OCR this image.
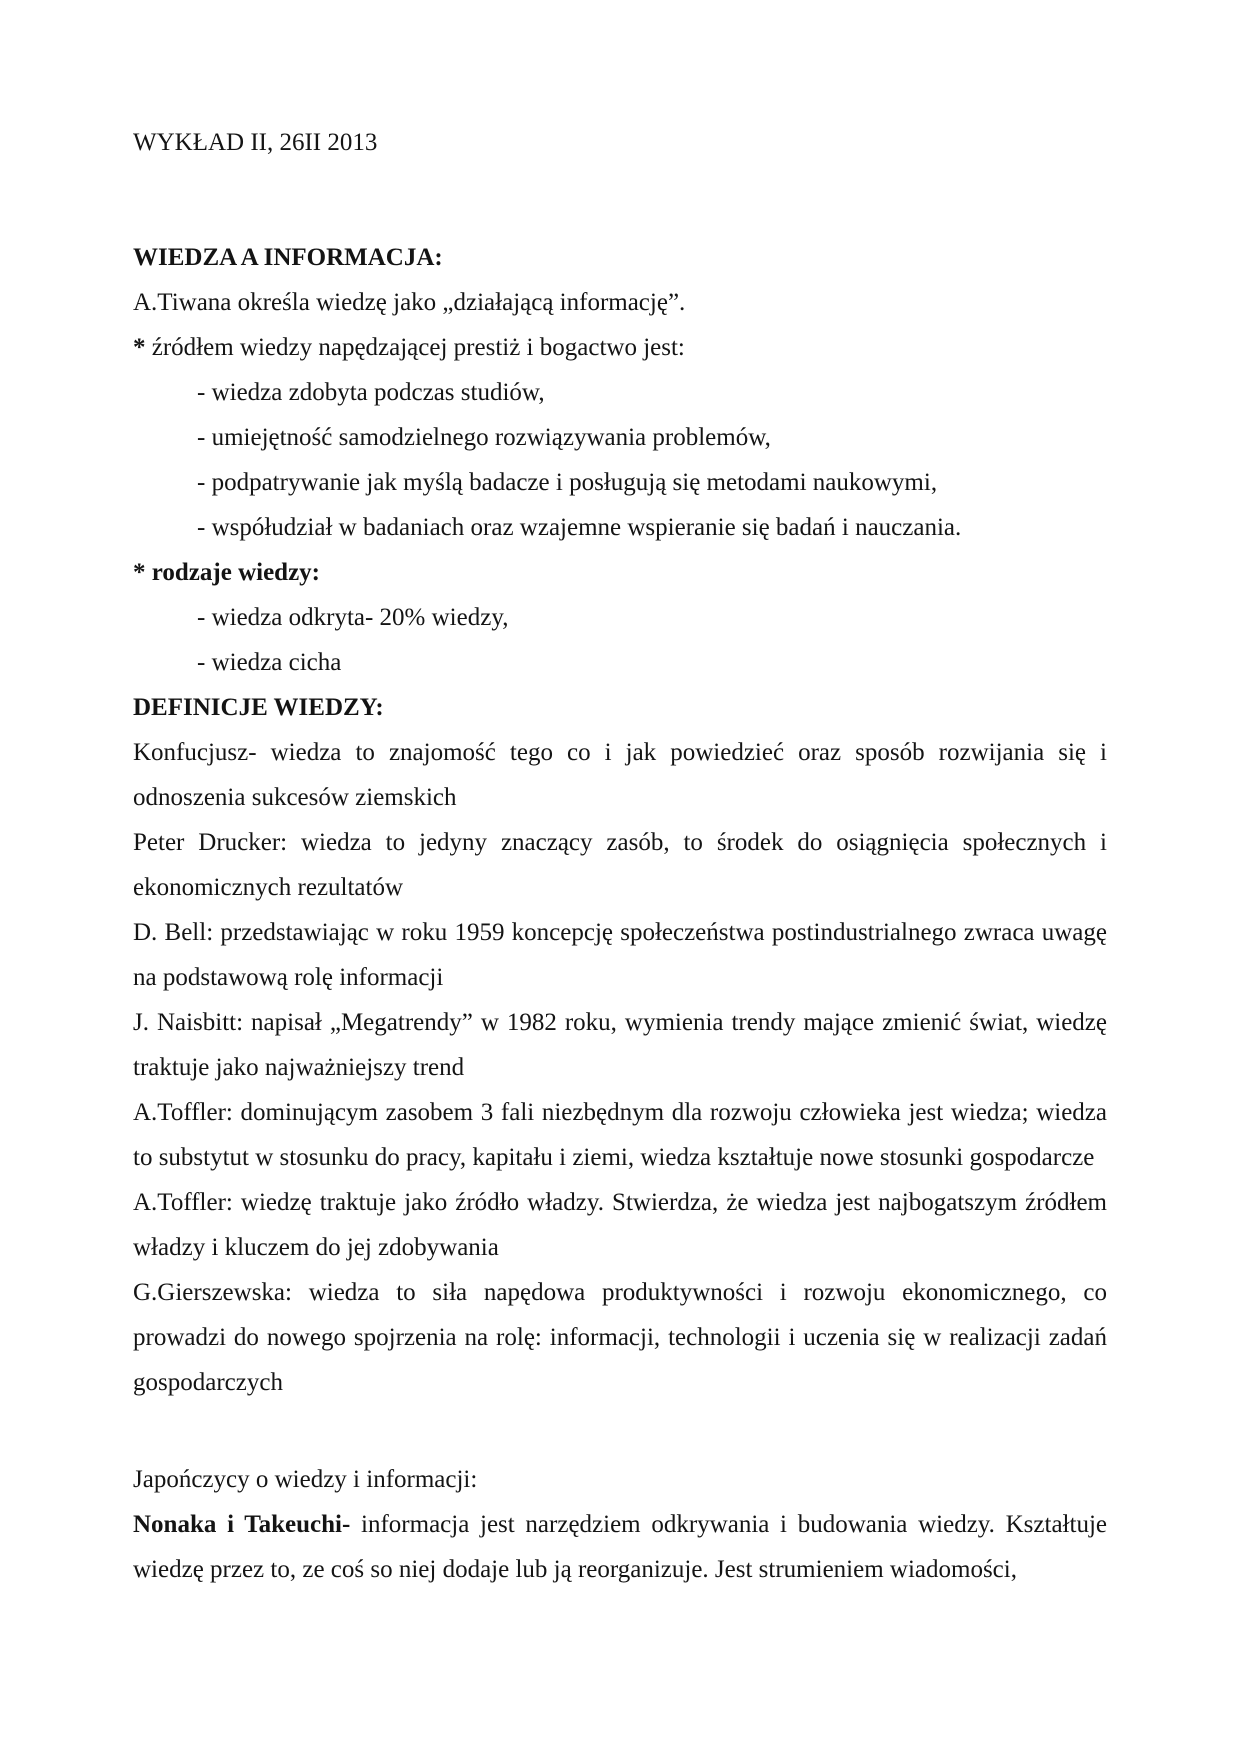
WYKŁAD II, 26II 2013
WIEDZA A INFORMACJA:
A.Tiwana określa wiedzę jako „działającą informację”.
* źródłem wiedzy napędzającej prestiż i bogactwo jest:
- wiedza zdobyta podczas studiów,
- umiejętność samodzielnego rozwiązywania problemów,
- podpatrywanie jak myślą badacze i posługują się metodami naukowymi,
- współudział w badaniach oraz wzajemne wspieranie się badań i nauczania.
* rodzaje wiedzy:
- wiedza odkryta- 20% wiedzy,
- wiedza cicha
DEFINICJE WIEDZY:
Konfucjusz- wiedza to znajomość tego co i jak powiedzieć oraz sposób rozwijania się i odnoszenia sukcesów ziemskich
Peter Drucker: wiedza to jedyny znaczący zasób, to środek do osiągnięcia społecznych i ekonomicznych rezultatów
D. Bell: przedstawiając w roku 1959 koncepcję społeczeństwa postindustrialnego zwraca uwagę na podstawową rolę informacji
J. Naisbitt: napisał „Megatrendy” w 1982 roku, wymienia trendy mające zmienić świat, wiedzę traktuje jako najważniejszy trend
A.Toffler: dominującym zasobem 3 fali niezbędnym dla rozwoju człowieka jest wiedza; wiedza to substytut w stosunku do pracy, kapitału i ziemi, wiedza kształtuje nowe stosunki gospodarcze
A.Toffler: wiedzę traktuje jako źródło władzy. Stwierdza, że wiedza jest najbogatszym źródłem władzy i kluczem do jej zdobywania
G.Gierszewska: wiedza to siła napędowa produktywności i rozwoju ekonomicznego, co prowadzi do nowego spojrzenia na rolę: informacji, technologii i uczenia się w realizacji zadań gospodarczych
Japończycy o wiedzy i informacji:
Nonaka i Takeuchi- informacja jest narzędziem odkrywania i budowania wiedzy. Kształtuje wiedzę przez to, ze coś so niej dodaje lub ją reorganizuje. Jest strumieniem wiadomości,
